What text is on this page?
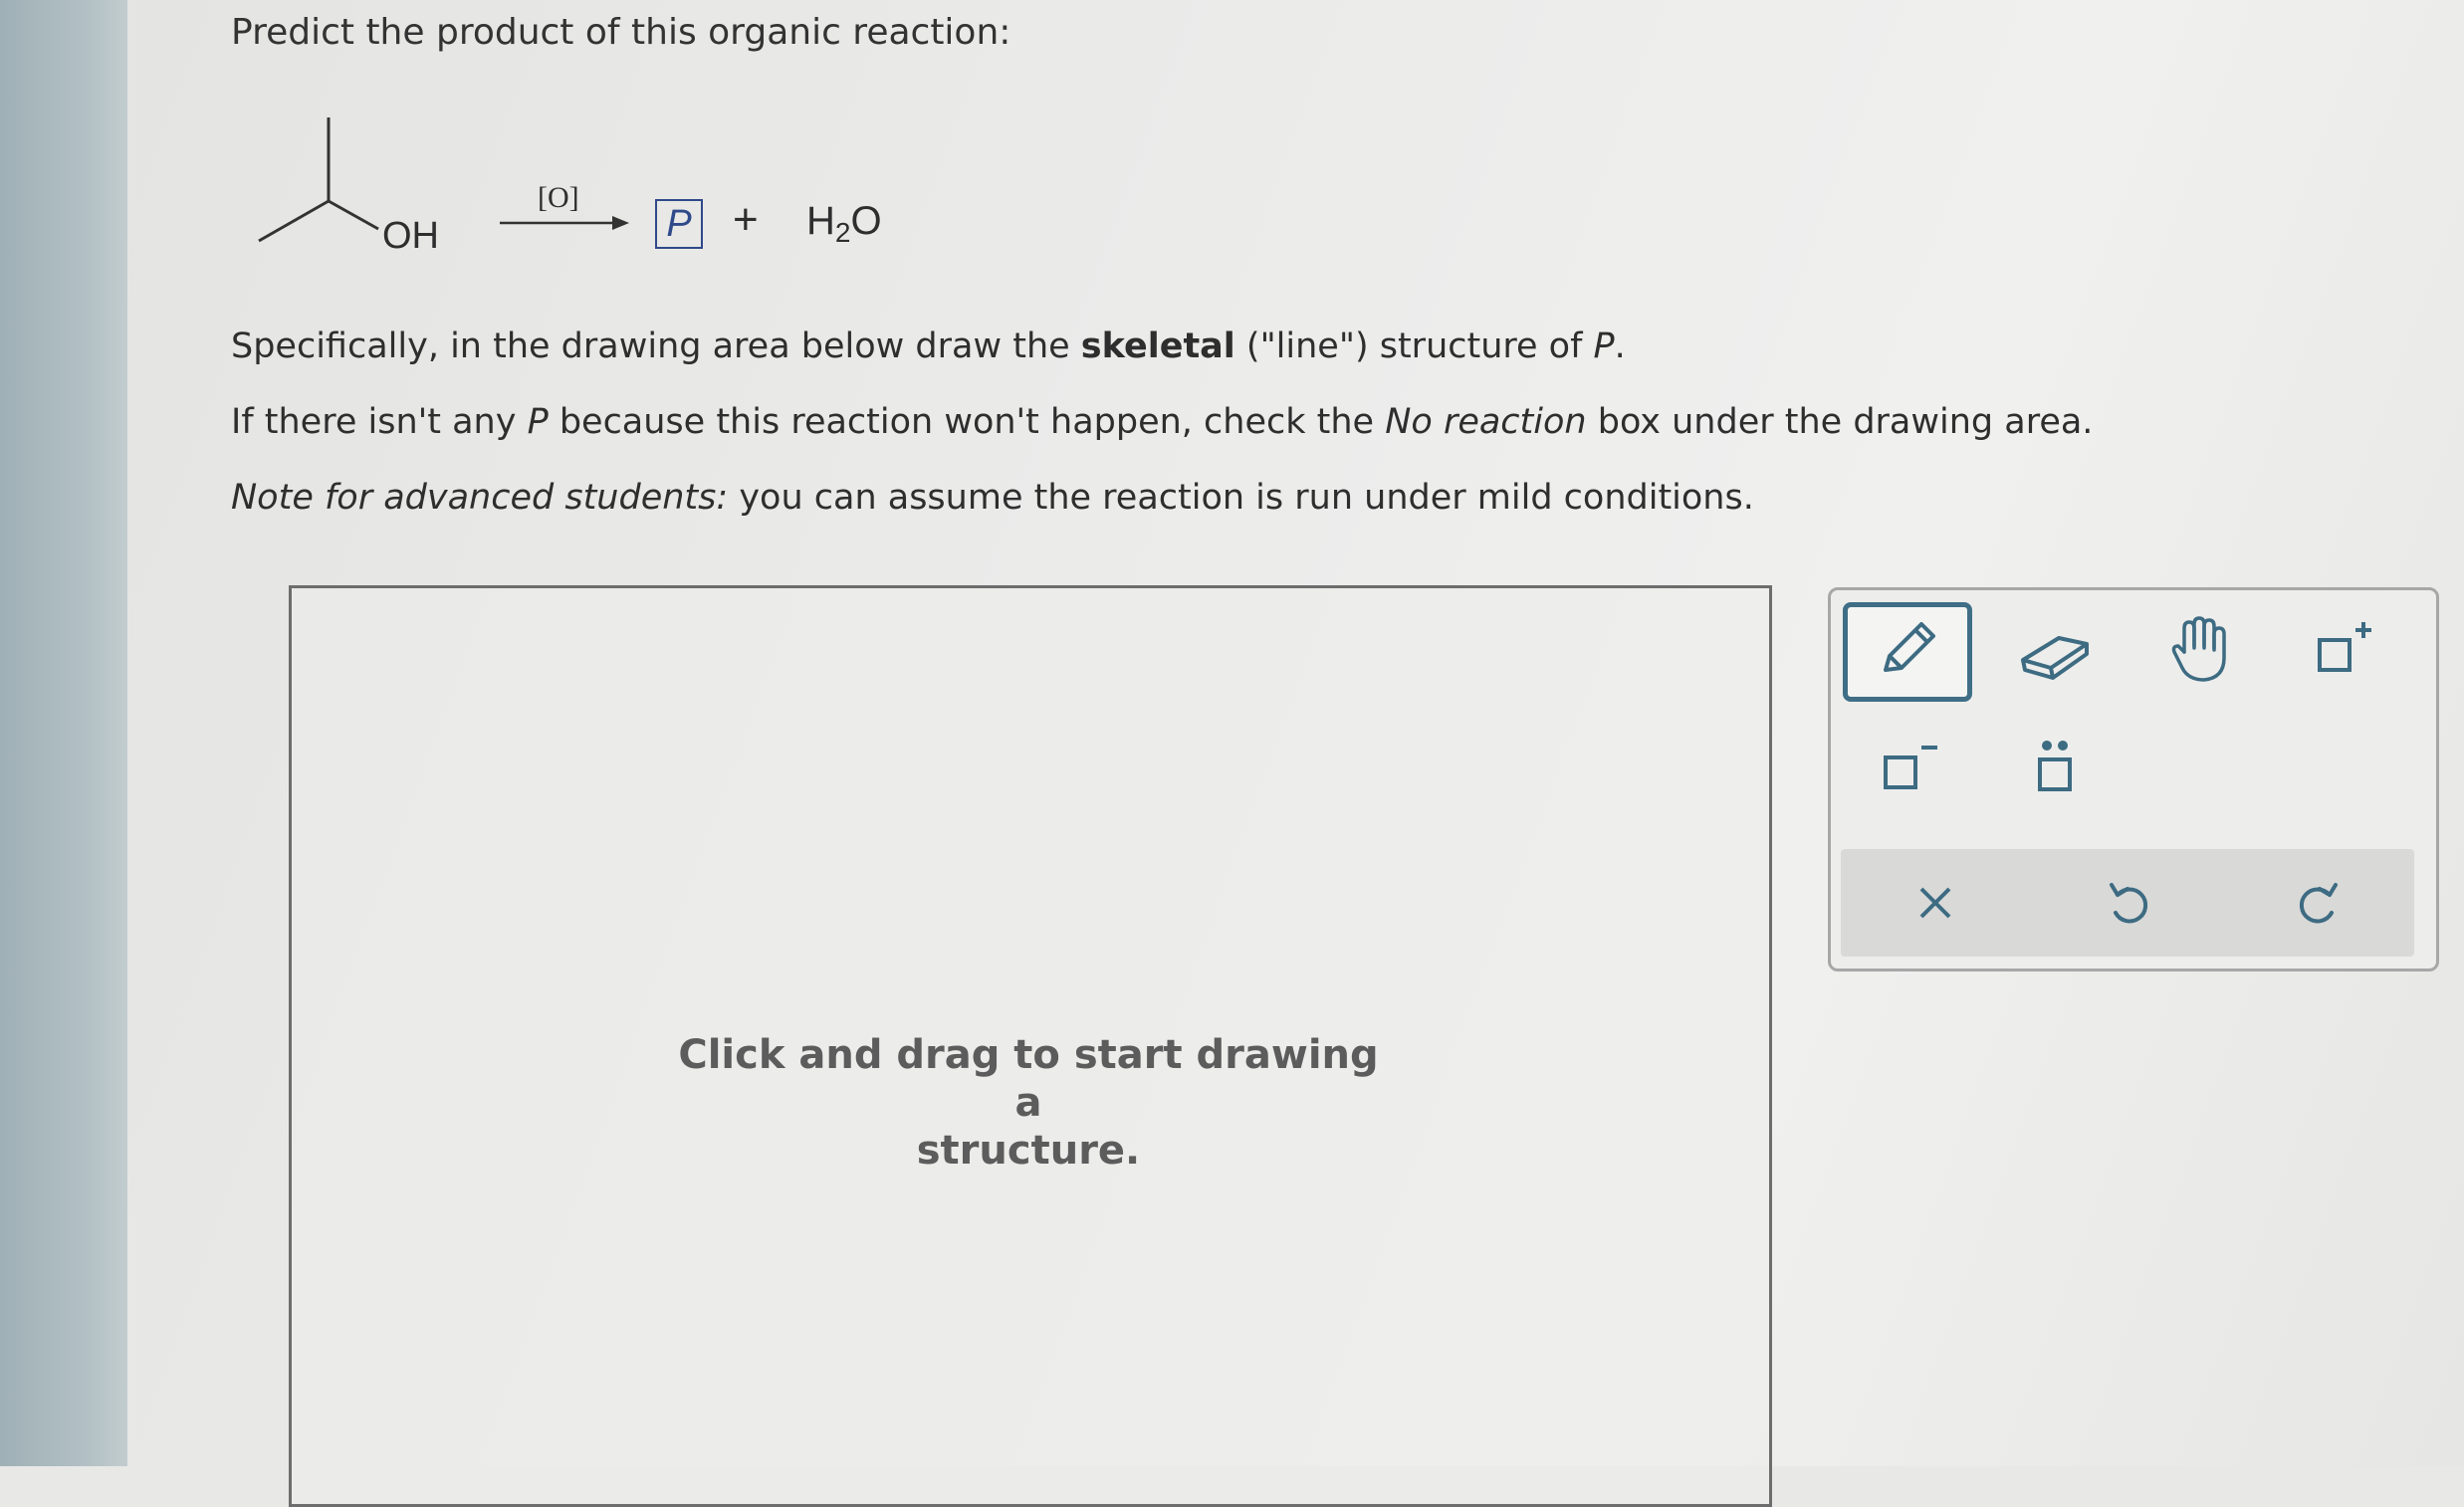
Predict the product of this organic reaction:
OH
[O]
$P + H_2O$
Specifically, in the drawing area below draw the skeletal ("line") structure of P.
If there isn't any P because this reaction won't happen, check the No reaction box under the drawing area.
Note for advanced students: you can assume the reaction is run under mild conditions.
Click and drag to start drawing a
structure.
